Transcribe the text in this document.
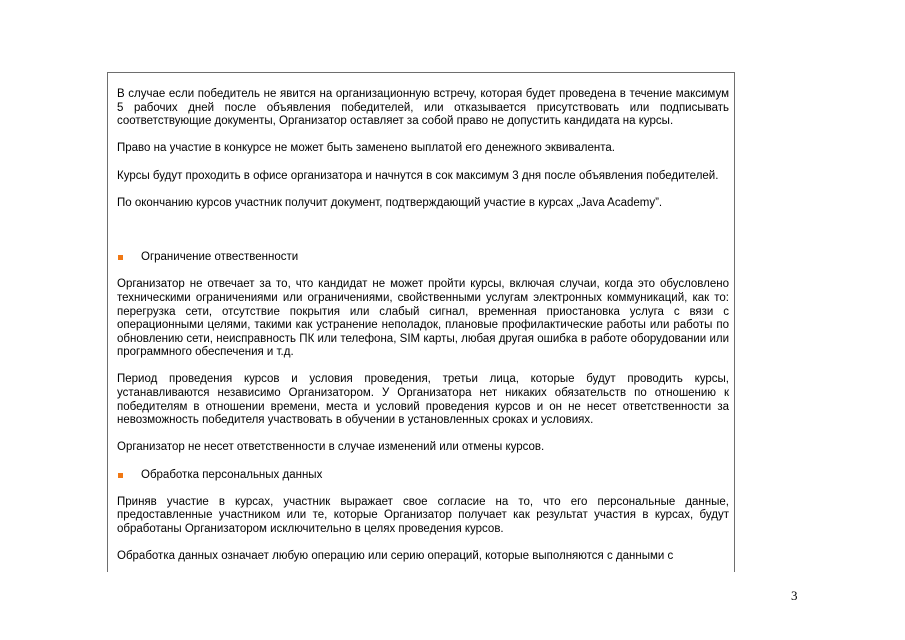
В случае если победитель не явится на организационную встречу, которая будет проведена в течение максимум 5 рабочих дней после объявления победителей, или отказывается присутствовать или подписывать соответствующие документы, Организатор оставляет за собой право не допустить кандидата на курсы.

Право на участие в конкурсе не может быть заменено выплатой его денежного эквивалента.

Курсы будут проходить в офисе организатора и начнутся в сок максимум 3 дня после объявления победителей.

По окончанию курсов участник получит документ, подтверждающий участие в курсах „Java Academy”.

Ограничение отвественности

Организатор не отвечает за то, что кандидат не может пройти курсы, включая случаи, когда это обусловлено техническими ограничениями или ограничениями, свойственными услугам электронных коммуникаций, как то: перегрузка сети, отсутствие покрытия или слабый сигнал, временная приостановка услуга с вязи с операционными целями, такими как устранение неполадок, плановые профилактические работы или работы по обновлению сети, неисправность ПК или телефона, SIM карты, любая другая ошибка в работе оборудовании или программного обеспечения и т.д.

Период проведения курсов и условия проведения, третьи лица, которые будут проводить курсы, устанавливаются независимо Организатором. У Организатора нет никаких обязательств по отношению к победителям в отношении времени, места и условий проведения курсов и он не несет ответственности за невозможность победителя участвовать в обучении в установленных сроках и условиях.

Организатор не несет ответственности в случае изменений или отмены курсов.

Обработка персональных данных

Приняв участие в курсах, участник выражает свое согласие на то, что его персональные данные, предоставленные участником или те, которые Организатор получает как результат участия в курсах, будут обработаны Организатором исключительно в целях проведения курсов.

Обработка данных означает любую операцию или серию операций, которые выполняются с данными с

3
